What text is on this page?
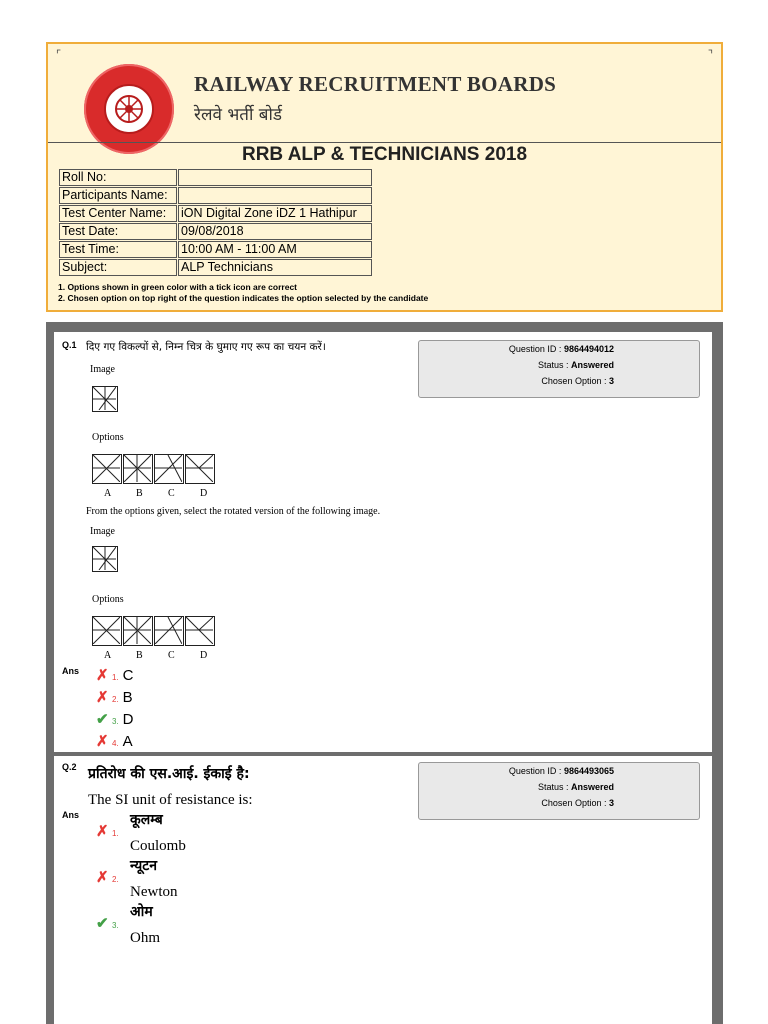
⌜	⌝
RAILWAY RECRUITMENT BOARDS
रेलवे भर्ती बोर्ड
RRB ALP & TECHNICIANS 2018
Roll No:	
Participants Name:	
Test Center Name:	iON Digital Zone iDZ 1 Hathipur
Test Date:	09/08/2018
Test Time:	10:00 AM - 11:00 AM
Subject:	ALP Technicians
1. Options shown in green color with a tick icon are correct
2. Chosen option on top right of the question indicates the option selected by the candidate
Q.1 दिए गए विकल्पों से, निम्न चित्र के घुमाए गए रूप का चयन करें।	Question ID : 9864494012
Status : Answered
Chosen Option : 3
Image
Options
A B	C	D
From the options given, select the rotated version of the following image.
Image
Options
A B	C	D
Ans ✗ 1. C
✗ 2. B
✔ 3. D
✗ 4. A
Q.2 प्रतिरोध की एस.आई. ईकाई है:	Question ID : 9864493065
Status : Answered
Chosen Option : 3
The SI unit of resistance is:
Ans	कूलम्ब
✗ 1.
Coulomb
न्यूटन
✗ 2.
Newton
ओम
✔ 3.
Ohm
